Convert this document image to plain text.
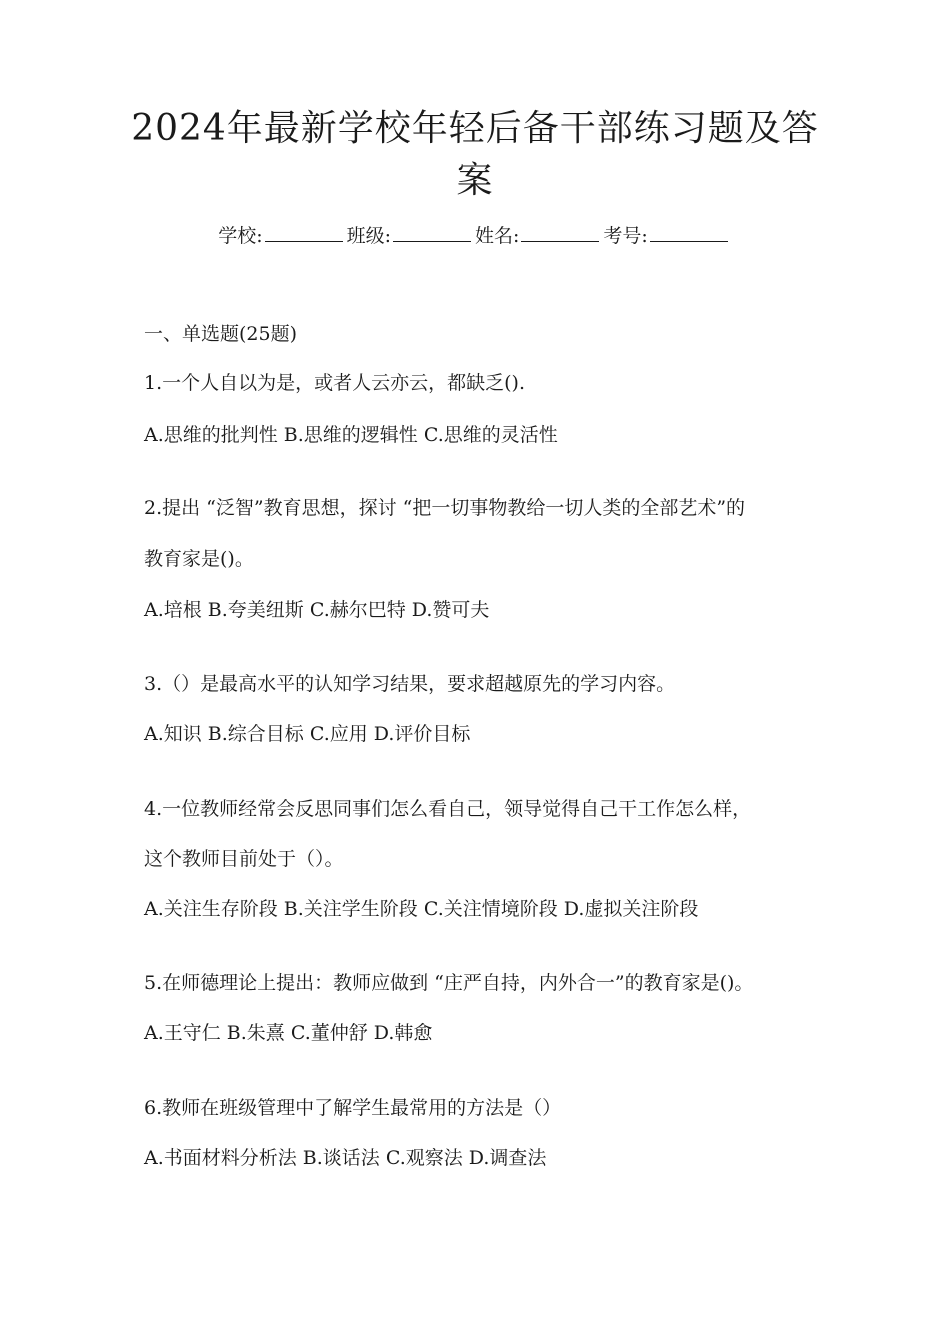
2024年最新学校年轻后备干部练习题及答
案
学校:	班级:	姓名:	考号:
一、单选题(25题)
1.一个人自以为是，或者人云亦云，都缺乏().
A.思维的批判性 B.思维的逻辑性 C.思维的灵活性
2.提出 “泛智”教育思想，探讨 “把一切事物教给一切人类的全部艺术”的
教育家是()。
A.培根 B.夸美纽斯 C.赫尔巴特 D.赞可夫
3.（）是最高水平的认知学习结果，要求超越原先的学习内容。
A.知识 B.综合目标 C.应用 D.评价目标
4.一位教师经常会反思同事们怎么看自己，领导觉得自己干工作怎么样，
这个教师目前处于（）。
A.关注生存阶段 B.关注学生阶段 C.关注情境阶段 D.虚拟关注阶段
5.在师德理论上提出：教师应做到 “庄严自持，内外合一”的教育家是()。
A.王守仁 B.朱熹 C.董仲舒 D.韩愈
6.教师在班级管理中了解学生最常用的方法是（）
A.书面材料分析法 B.谈话法 C.观察法 D.调查法
